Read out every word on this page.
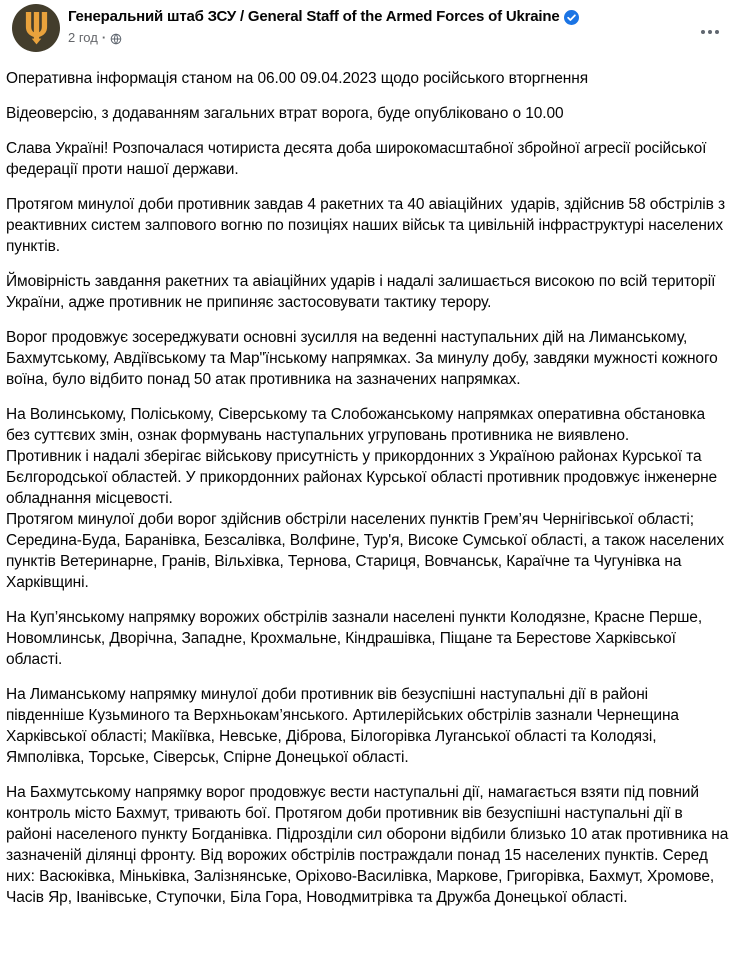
Генеральний штаб ЗСУ / General Staff of the Armed Forces of Ukraine
2 год ·
Оперативна інформація станом на 06.00 09.04.2023 щодо російського вторгнення
Відеоверсію, з додаванням загальних втрат ворога, буде опубліковано о 10.00
Слава Україні! Розпочалася чотириста десята доба широкомасштабної збройної агресії російської федерації проти нашої держави.
Протягом минулої доби противник завдав 4 ракетних та 40 авіаційних  ударів, здійснив 58 обстрілів з реактивних систем залпового вогню по позиціях наших військ та цивільній інфраструктурі населених пунктів.
Ймовірність завдання ракетних та авіаційних ударів і надалі залишається високою по всій території України, адже противник не припиняє застосовувати тактику терору.
Ворог продовжує зосереджувати основні зусилля на веденні наступальних дій на Лиманському, Бахмутському, Авдіївському та Мар"їнському напрямках. За минулу добу, завдяки мужності кожного воїна, було відбито понад 50 атак противника на зазначених напрямках.
На Волинському, Поліському, Сіверському та Слобожанському напрямках оперативна обстановка без суттєвих змін, ознак формувань наступальних угруповань противника не виявлено.
Противник і надалі зберігає військову присутність у прикордонних з Україною районах Курської та Бєлгородської областей. У прикордонних районах Курської області противник продовжує інженерне обладнання місцевості.
Протягом минулої доби ворог здійснив обстріли населених пунктів Грем’яч Чернігівської області; Середина-Буда, Баранівка, Безсалівка, Волфине, Тур'я, Високе Сумської області, а також населених пунктів Ветеринарне, Гранів, Вільхівка, Тернова, Стариця, Вовчанськ, Караїчне та Чугунівка на Харківщині.
На Куп’янському напрямку ворожих обстрілів зазнали населені пункти Колодязне, Красне Перше, Новомлинськ, Дворічна, Западне, Крохмальне, Кіндрашівка, Піщане та Берестове Харківської області.
На Лиманському напрямку минулої доби противник вів безуспішні наступальні дії в районі південніше Кузьминого та Верхньокам’янського. Артилерійських обстрілів зазнали Чернещина Харківської області; Макіївка, Невське, Діброва, Білогорівка Луганської області та Колодязі, Ямполівка, Торське, Сіверськ, Спірне Донецької області.
На Бахмутському напрямку ворог продовжує вести наступальні дії, намагається взяти під повний контроль місто Бахмут, тривають бої. Протягом доби противник вів безуспішні наступальні дії в районі населеного пункту Богданівка. Підрозділи сил оборони відбили близько 10 атак противника на зазначеній ділянці фронту. Від ворожих обстрілів постраждали понад 15 населених пунктів. Серед них: Васюківка, Міньківка, Залізнянське, Оріхово-Василівка, Маркове, Григорівка, Бахмут, Хромове, Часів Яр, Іванівське, Ступочки, Біла Гора, Новодмитрівка та Дружба Донецької області.
